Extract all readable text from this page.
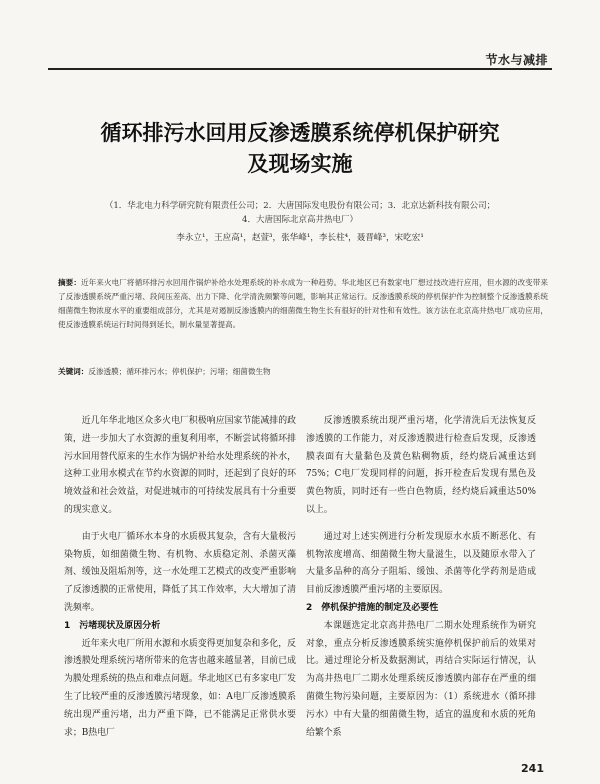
节水与减排
循环排污水回用反渗透膜系统停机保护研究
及现场实施
（1．华北电力科学研究院有限责任公司；2．大唐国际发电股份有限公司；3．北京达新科技有限公司；
4．大唐国际北京高井热电厂）
李永立¹，王应高¹，赵萱³，张华峰¹，李长柱⁴，聂晋峰³，宋吃宏¹
摘要：近年来火电厂将循环排污水回用作锅炉补给水处理系统的补水成为一种趋势。华北地区已有数家电厂想过技改进行应用，但水源的改变带来了反渗透膜系统严重污堵、段间压差高、出力下降、化学清洗频繁等问题，影响其正常运行。反渗透膜系统的停机保护作为控制整个反渗透膜系统细菌微生物浓度水平的重要组成部分，尤其是对遏制反渗透膜内的细菌微生物生长有很好的针对性和有效性。该方法在北京高井热电厂成功应用，使反渗透膜系统运行时间得到延长，制水量显著提高。
关键词：反渗透膜；循环排污水；停机保护；污堵；细菌微生物

近几年华北地区众多火电厂积极响应国家节能减排的政策，进一步加大了水资源的重复利用率，不断尝试将循环排污水回用替代原来的生水作为锅炉补给水处理系统的补水，这种工业用水模式在节约水资源的同时，还起到了良好的环境效益和社会效益，对促进城市的可持续发展具有十分重要的现实意义。

由于火电厂循环水本身的水质极其复杂，含有大量极污染物质，如细菌微生物、有机物、水质稳定剂、杀菌灭藻剂、缓蚀及阻垢剂等，这一水处理工艺模式的改变严重影响了反渗透膜的正常使用，降低了其工作效率，大大增加了清洗频率。

1　污堵现状及原因分析

近年来火电厂所用水源和水质变得更加复杂和多化，反渗透膜处理系统污堵所带来的危害也越来越显著，目前已成为膜处理系统的热点和难点问题。华北地区已有多家电厂发生了比较严重的反渗透膜污堵现象，如：A电厂反渗透膜系统出现严重污堵，出力严重下降，已不能满足正常供水要求；B热电厂

反渗透膜系统出现严重污堵，化学清洗后无法恢复反渗透膜的工作能力，对反渗透膜进行检查后发现，反渗透膜表面有大量黏色及黄色粘稠物质，经灼烧后减重达到75%；C电厂发现同样的问题，拆开检查后发现有黑色及黄色物质，同时还有一些白色物质，经灼烧后减重达50%以上。

通过对上述实例进行分析发现原水水质不断恶化、有机物浓度增高、细菌微生物大量滋生，以及随原水带入了大量多品种的高分子阻垢、缓蚀、杀菌等化学药剂是造成目前反渗透膜严重污堵的主要原因。

2　停机保护措施的制定及必要性

本课题选定北京高井热电厂二期水处理系统作为研究对象，重点分析反渗透膜系统实施停机保护前后的效果对比。通过理论分析及数据测试，再结合实际运行情况，认为高井热电厂二期水处理系统反渗透膜内部存在严重的细菌微生物污染问题，主要原因为：（1）系统进水（循环排污水）中有大量的细菌微生物，适宜的温度和水质的死角给繁个系

241
